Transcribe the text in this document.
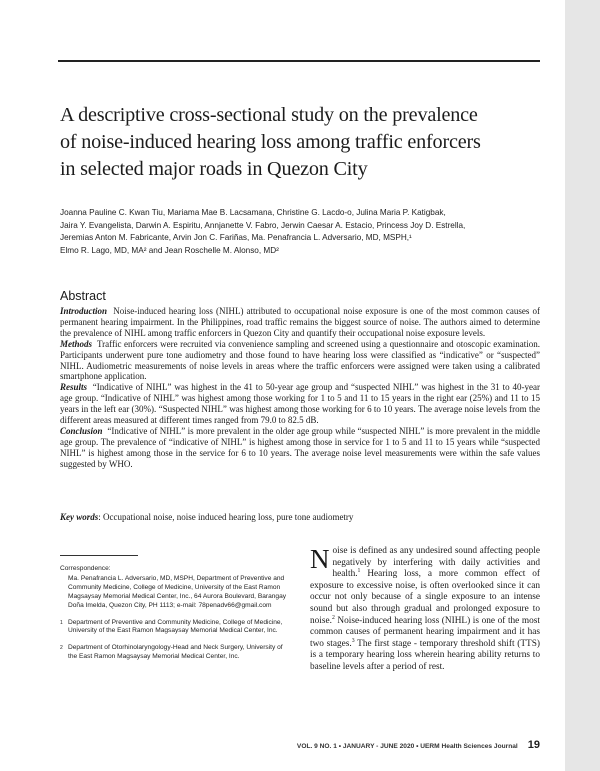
A descriptive cross-sectional study on the prevalence
of noise-induced hearing loss among traffic enforcers
in selected major roads in Quezon City
Joanna Pauline C. Kwan Tiu, Mariama Mae B. Lacsamana, Christine G. Lacdo-o, Julina Maria P. Katigbak,
Jaira Y. Evangelista, Darwin A. Espiritu, Annjanette V. Fabro, Jerwin Caesar A. Estacio, Princess Joy D. Estrella,
Jeremias Anton M. Fabricante, Arvin Jon C. Fariñas, Ma. Penafrancia L. Adversario, MD, MSPH,¹
Elmo R. Lago, MD, MA² and Jean Roschelle M. Alonso, MD²
Abstract

Introduction Noise-induced hearing loss (NIHL) attributed to occupational noise exposure is one of the most common causes of permanent hearing impairment. In the Philippines, road traffic remains the biggest source of noise. The authors aimed to determine the prevalence of NIHL among traffic enforcers in Quezon City and quantify their occupational noise exposure levels.

Methods Traffic enforcers were recruited via convenience sampling and screened using a questionnaire and otoscopic examination. Participants underwent pure tone audiometry and those found to have hearing loss were classified as “indicative” or “suspected” NIHL. Audiometric measurements of noise levels in areas where the traffic enforcers were assigned were taken using a calibrated smartphone application.

Results “Indicative of NIHL” was highest in the 41 to 50-year age group and “suspected NIHL” was highest in the 31 to 40-year age group. “Indicative of NIHL” was highest among those working for 1 to 5 and 11 to 15 years in the right ear (25%) and 11 to 15 years in the left ear (30%). “Suspected NIHL” was highest among those working for 6 to 10 years. The average noise levels from the different areas measured at different times ranged from 79.0 to 82.5 dB.

Conclusion “Indicative of NIHL” is more prevalent in the older age group while “suspected NIHL” is more prevalent in the middle age group. The prevalence of “indicative of NIHL” is highest among those in service for 1 to 5 and 11 to 15 years while “suspected NIHL” is highest among those in the service for 6 to 10 years. The average noise level measurements were within the safe values suggested by WHO.

Key words: Occupational noise, noise induced hearing loss, pure tone audiometry
Correspondence:
Ma. Penafrancia L. Adversario, MD, MSPH, Department of Preventive and Community Medicine, College of Medicine, University of the East Ramon Magsaysay Memorial Medical Center, Inc., 64 Aurora Boulevard, Barangay Doña Imelda, Quezon City, PH 1113; e-mail: 78penadv66@gmail.com
1 Department of Preventive and Community Medicine, College of Medicine, University of the East Ramon Magsaysay Memorial Medical Center, Inc.
2 Department of Otorhinolaryngology-Head and Neck Surgery, University of the East Ramon Magsaysay Memorial Medical Center, Inc.

Noise is defined as any undesired sound affecting people negatively by interfering with daily activities and health.$^1$ Hearing loss, a more common effect of exposure to excessive noise, is often overlooked since it can occur not only because of a single exposure to an intense sound but also through gradual and prolonged exposure to noise.$^2$ Noise-induced hearing loss (NIHL) is one of the most common causes of permanent hearing impairment and it has two stages.$^3$ The first stage - temporary threshold shift (TTS) is a temporary hearing loss wherein hearing ability returns to baseline levels after a period of rest.

VOL. 9 NO. 1 • JANUARY - JUNE 2020 • UERM Health Sciences Journal 19
